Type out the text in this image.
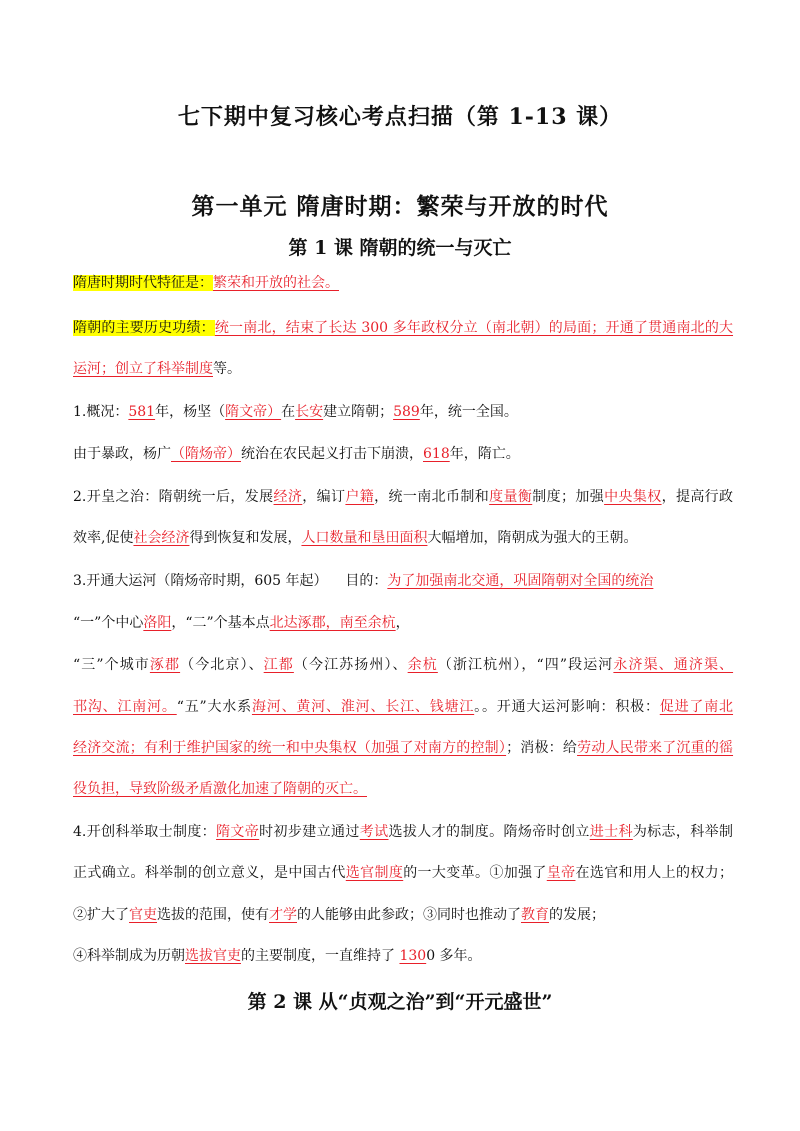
七下期中复习核心考点扫描（第 1-13 课）
第一单元 隋唐时期：繁荣与开放的时代
第 1 课 隋朝的统一与灭亡
隋唐时期时代特征是：繁荣和开放的社会。
隋朝的主要历史功绩：统一南北，结束了长达 300 多年政权分立（南北朝）的局面；开通了贯通南北的大
运河；创立了科举制度等。
1.概况：581年，杨坚（隋文帝）在长安建立隋朝；589年，统一全国。
由于暴政，杨广（隋炀帝）统治在农民起义打击下崩溃，618年，隋亡。
2.开皇之治：隋朝统一后，发展经济，编订户籍，统一南北币制和度量衡制度；加强中央集权，提高行政
效率,促使社会经济得到恢复和发展，人口数量和垦田面积大幅增加，隋朝成为强大的王朝。
3.开通大运河（隋炀帝时期，605 年起）    目的：为了加强南北交通，巩固隋朝对全国的统治
“一”个中心洛阳，“二”个基本点北达涿郡，南至余杭，
“三”个城市涿郡（今北京）、江都（今江苏扬州）、余杭（浙江杭州），“四”段运河永济渠、通济渠、
邗沟、江南河。“五”大水系海河、黄河、淮河、长江、钱塘江。。开通大运河影响：积极：促进了南北
经济交流；有利于维护国家的统一和中央集权（加强了对南方的控制）；消极：给劳动人民带来了沉重的徭
役负担，导致阶级矛盾激化加速了隋朝的灭亡。
4.开创科举取士制度：隋文帝时初步建立通过考试选拔人才的制度。隋炀帝时创立进士科为标志，科举制
正式确立。科举制的创立意义，是中国古代选官制度的一大变革。①加强了皇帝在选官和用人上的权力；
②扩大了官吏选拔的范围，使有才学的人能够由此参政；③同时也推动了教育的发展；
④科举制成为历朝选拔官吏的主要制度，一直维持了 1300 多年。
第 2 课 从“贞观之治”到“开元盛世”
